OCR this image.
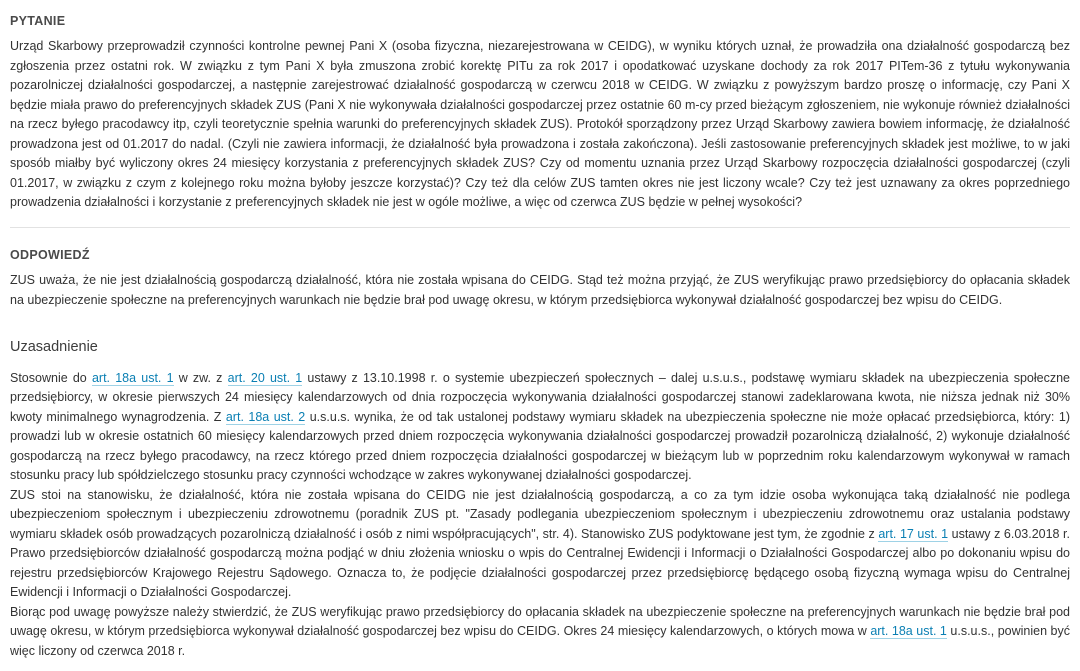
PYTANIE

Urząd Skarbowy przeprowadził czynności kontrolne pewnej Pani X (osoba fizyczna, niezarejestrowana w CEIDG), w wyniku których uznał, że prowadziła ona działalność gospodarczą bez zgłoszenia przez ostatni rok. W związku z tym Pani X była zmuszona zrobić korektę PITu za rok 2017 i opodatkować uzyskane dochody za rok 2017 PITem-36 z tytułu wykonywania pozarolniczej działalności gospodarczej, a następnie zarejestrować działalność gospodarczą w czerwcu 2018 w CEIDG. W związku z powyższym bardzo proszę o informację, czy Pani X będzie miała prawo do preferencyjnych składek ZUS (Pani X nie wykonywała działalności gospodarczej przez ostatnie 60 m-cy przed bieżącym zgłoszeniem, nie wykonuje również działalności na rzecz byłego pracodawcy itp, czyli teoretycznie spełnia warunki do preferencyjnych składek ZUS). Protokół sporządzony przez Urząd Skarbowy zawiera bowiem informację, że działalność prowadzona jest od 01.2017 do nadal. (Czyli nie zawiera informacji, że działalność była prowadzona i została zakończona). Jeśli zastosowanie preferencyjnych składek jest możliwe, to w jaki sposób miałby być wyliczony okres 24 miesięcy korzystania z preferencyjnych składek ZUS? Czy od momentu uznania przez Urząd Skarbowy rozpoczęcia działalności gospodarczej (czyli 01.2017, w związku z czym z kolejnego roku można byłoby jeszcze korzystać)? Czy też dla celów ZUS tamten okres nie jest liczony wcale? Czy też jest uznawany za okres poprzedniego prowadzenia działalności i korzystanie z preferencyjnych składek nie jest w ogóle możliwe, a więc od czerwca ZUS będzie w pełnej wysokości?

ODPOWIEDŹ

ZUS uważa, że nie jest działalnością gospodarczą działalność, która nie została wpisana do CEIDG. Stąd też można przyjąć, że ZUS weryfikując prawo przedsiębiorcy do opłacania składek na ubezpieczenie społeczne na preferencyjnych warunkach nie będzie brał pod uwagę okresu, w którym przedsiębiorca wykonywał działalność gospodarczej bez wpisu do CEIDG.

Uzasadnienie

Stosownie do art. 18a ust. 1 w zw. z art. 20 ust. 1 ustawy z 13.10.1998 r. o systemie ubezpieczeń społecznych – dalej u.s.u.s., podstawę wymiaru składek na ubezpieczenia społeczne przedsiębiorcy, w okresie pierwszych 24 miesięcy kalendarzowych od dnia rozpoczęcia wykonywania działalności gospodarczej stanowi zadeklarowana kwota, nie niższa jednak niż 30% kwoty minimalnego wynagrodzenia. Z art. 18a ust. 2 u.s.u.s. wynika, że od tak ustalonej podstawy wymiaru składek na ubezpieczenia społeczne nie może opłacać przedsiębiorca, który: 1) prowadzi lub w okresie ostatnich 60 miesięcy kalendarzowych przed dniem rozpoczęcia wykonywania działalności gospodarczej prowadził pozarolniczą działalność, 2) wykonuje działalność gospodarczą na rzecz byłego pracodawcy, na rzecz którego przed dniem rozpoczęcia działalności gospodarczej w bieżącym lub w poprzednim roku kalendarzowym wykonywał w ramach stosunku pracy lub spółdzielczego stosunku pracy czynności wchodzące w zakres wykonywanej działalności gospodarczej.

ZUS stoi na stanowisku, że działalność, która nie została wpisana do CEIDG nie jest działalnością gospodarczą, a co za tym idzie osoba wykonująca taką działalność nie podlega ubezpieczeniom społecznym i ubezpieczeniu zdrowotnemu (poradnik ZUS pt. "Zasady podlegania ubezpieczeniom społecznym i ubezpieczeniu zdrowotnemu oraz ustalania podstawy wymiaru składek osób prowadzących pozarolniczą działalność i osób z nimi współpracujących", str. 4). Stanowisko ZUS podyktowane jest tym, że zgodnie z art. 17 ust. 1 ustawy z 6.03.2018 r. Prawo przedsiębiorców działalność gospodarczą można podjąć w dniu złożenia wniosku o wpis do Centralnej Ewidencji i Informacji o Działalności Gospodarczej albo po dokonaniu wpisu do rejestru przedsiębiorców Krajowego Rejestru Sądowego. Oznacza to, że podjęcie działalności gospodarczej przez przedsiębiorcę będącego osobą fizyczną wymaga wpisu do Centralnej Ewidencji i Informacji o Działalności Gospodarczej.

Biorąc pod uwagę powyższe należy stwierdzić, że ZUS weryfikując prawo przedsiębiorcy do opłacania składek na ubezpieczenie społeczne na preferencyjnych warunkach nie będzie brał pod uwagę okresu, w którym przedsiębiorca wykonywał działalność gospodarczej bez wpisu do CEIDG. Okres 24 miesięcy kalendarzowych, o których mowa w art. 18a ust. 1 u.s.u.s., powinien być więc liczony od czerwca 2018 r.
